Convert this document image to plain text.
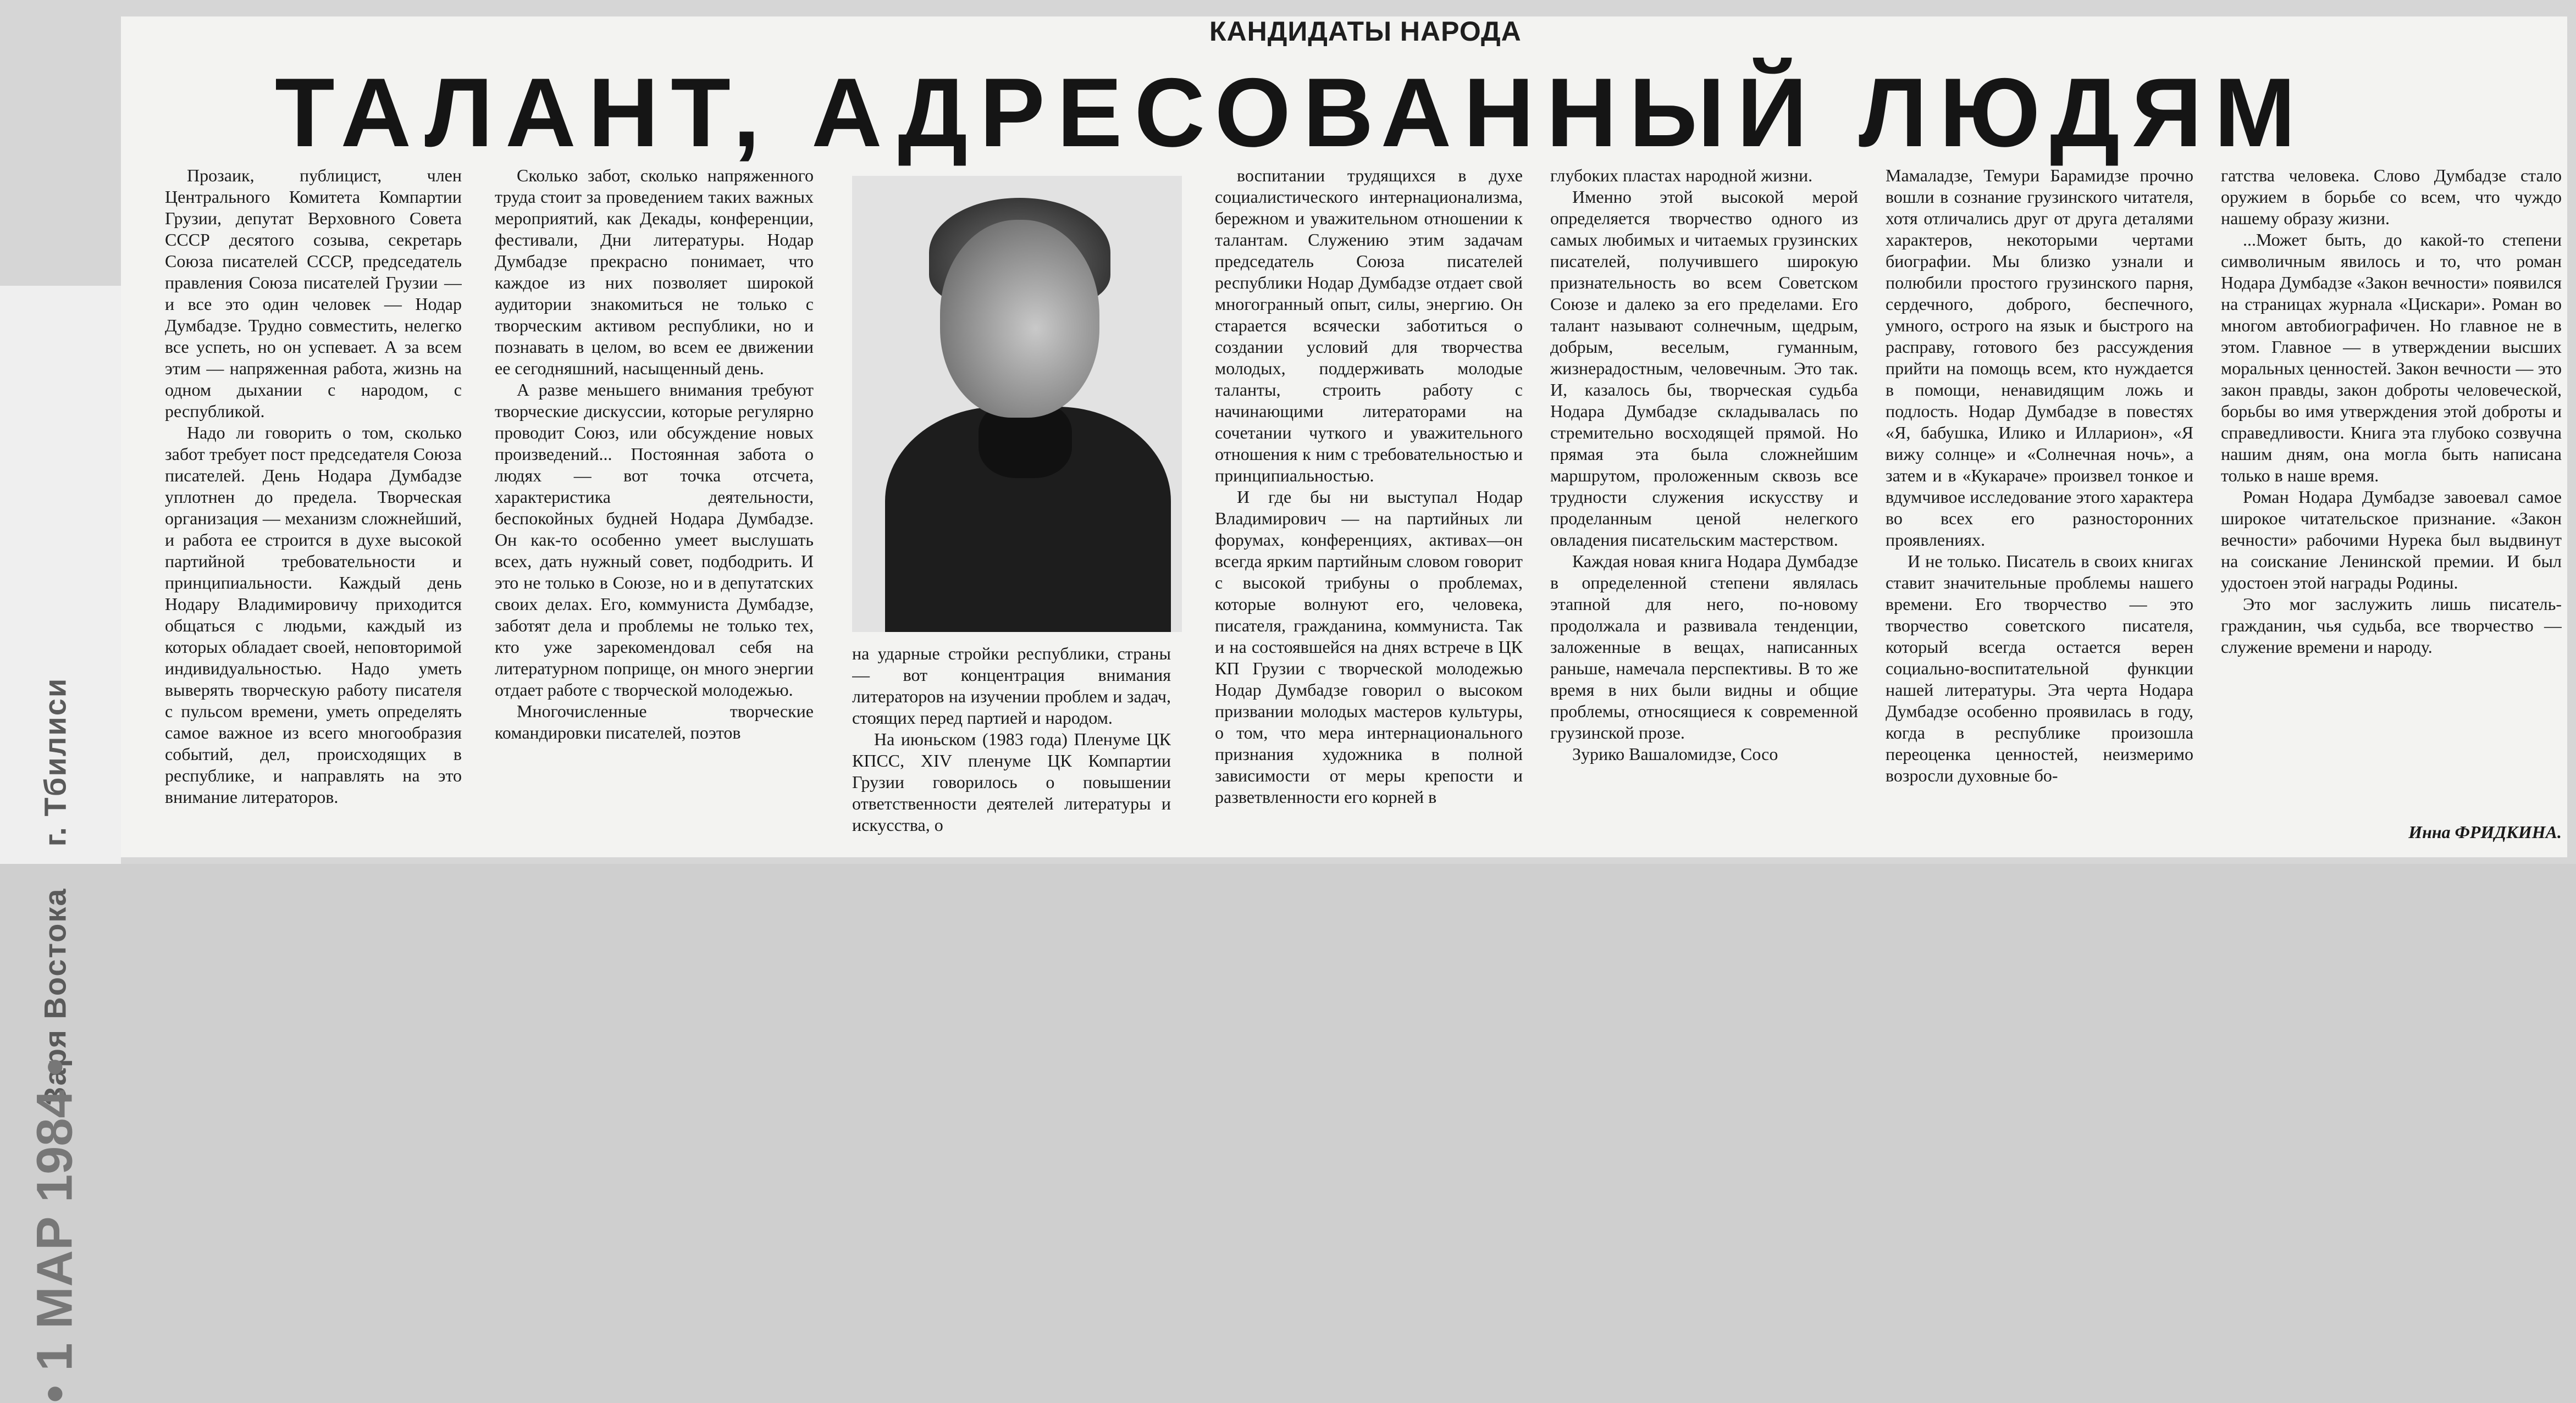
Заря Востока  г. Тбилиси
• 1 МАР 1984 •
КАНДИДАТЫ НАРОДА
ТАЛАНТ, АДРЕСОВАННЫЙ ЛЮДЯМ

Прозаик, публицист, член Центрального Комитета Компартии Грузии, депутат Верховного Совета СССР десятого созыва, секретарь Союза писателей СССР, председатель правления Союза писателей Грузии — и все это один человек — Нодар Думбадзе. Трудно совместить, нелегко все успеть, но он успевает. А за всем этим — напряженная работа, жизнь на одном дыхании с народом, с республикой.

Надо ли говорить о том, сколько забот требует пост председателя Союза писателей. День Нодара Думбадзе уплотнен до предела. Творческая организация — механизм сложнейший, и работа ее строится в духе высокой партийной требовательности и принципиальности. Каждый день Нодару Владимировичу приходится общаться с людьми, каждый из которых обладает своей, неповторимой индивидуальностью. Надо уметь выверять творческую работу писателя с пульсом времени, уметь определять самое важное из всего многообразия событий, дел, происходящих в республике, и направлять на это внимание литераторов.

Сколько забот, сколько напряженного труда стоит за проведением таких важных мероприятий, как Декады, конференции, фестивали, Дни литературы. Нодар Думбадзе прекрасно понимает, что каждое из них позволяет широкой аудитории знакомиться не только с творческим активом республики, но и познавать в целом, во всем ее движении ее сегодняшний, насыщенный день.

А разве меньшего внимания требуют творческие дискуссии, которые регулярно проводит Союз, или обсуждение новых произведений... Постоянная забота о людях — вот точка отсчета, характеристика деятельности, беспокойных будней Нодара Думбадзе. Он как-то особенно умеет выслушать всех, дать нужный совет, подбодрить. И это не только в Союзе, но и в депутатских своих делах. Его, коммуниста Думбадзе, заботят дела и проблемы не только тех, кто уже зарекомендовал себя на литературном поприще, он много энергии отдает работе с творческой молодежью.

Многочисленные творческие командировки писателей, поэтов

на ударные стройки республики, страны — вот концентрация внимания литераторов на изучении проблем и задач, стоящих перед партией и народом.

На июньском (1983 года) Пленуме ЦК КПСС, XIV пленуме ЦК Компартии Грузии говорилось о повышении ответственности деятелей литературы и искусства, о

воспитании трудящихся в духе социалистического интернационализма, бережном и уважительном отношении к талантам. Служению этим задачам председатель Союза писателей республики Нодар Думбадзе отдает свой многогранный опыт, силы, энергию. Он старается всячески заботиться о создании условий для творчества молодых, поддерживать молодые таланты, строить работу с начинающими литераторами на сочетании чуткого и уважительного отношения к ним с требовательностью и принципиальностью.

И где бы ни выступал Нодар Владимирович — на партийных ли форумах, конференциях, активах—он всегда ярким партийным словом говорит с высокой трибуны о проблемах, которые волнуют его, человека, писателя, гражданина, коммуниста. Так и на состоявшейся на днях встрече в ЦК КП Грузии с творческой молодежью Нодар Думбадзе говорил о высоком призвании молодых мастеров культуры, о том, что мера интернационального признания художника в полной зависимости от меры крепости и разветвленности его корней в

глубоких пластах народной жизни.

Именно этой высокой мерой определяется творчество одного из самых любимых и читаемых грузинских писателей, получившего широкую признательность во всем Советском Союзе и далеко за его пределами. Его талант называют солнечным, щедрым, добрым, веселым, гуманным, жизнерадостным, человечным. Это так. И, казалось бы, творческая судьба Нодара Думбадзе складывалась по стремительно восходящей прямой. Но прямая эта была сложнейшим маршрутом, проложенным сквозь все трудности служения искусству и проделанным ценой нелегкого овладения писательским мастерством.

Каждая новая книга Нодара Думбадзе в определенной степени являлась этапной для него, по-новому продолжала и развивала тенденции, заложенные в вещах, написанных раньше, намечала перспективы. В то же время в них были видны и общие проблемы, относящиеся к современной грузинской прозе.

Зурико Вашаломидзе, Сосо

Мамаладзе, Темури Барамидзе прочно вошли в сознание грузинского читателя, хотя отличались друг от друга деталями характеров, некоторыми чертами биографии. Мы близко узнали и полюбили простого грузинского парня, сердечного, доброго, беспечного, умного, острого на язык и быстрого на расправу, готового без рассуждения прийти на помощь всем, кто нуждается в помощи, ненавидящим ложь и подлость. Нодар Думбадзе в повестях «Я, бабушка, Илико и Илларион», «Я вижу солнце» и «Солнечная ночь», а затем и в «Кукараче» произвел тонкое и вдумчивое исследование этого характера во всех его разносторонних проявлениях.

И не только. Писатель в своих книгах ставит значительные проблемы нашего времени. Его творчество — это творчество советского писателя, который всегда остается верен социально-воспитательной функции нашей литературы. Эта черта Нодара Думбадзе особенно проявилась в году, когда в республике произошла переоценка ценностей, неизмеримо возросли духовные бо-

гатства человека. Слово Думбадзе стало оружием в борьбе со всем, что чуждо нашему образу жизни.

...Может быть, до какой-то степени символичным явилось и то, что роман Нодара Думбадзе «Закон вечности» появился на страницах журнала «Цискари». Роман во многом автобиографичен. Но главное не в этом. Главное — в утверждении высших моральных ценностей. Закон вечности — это закон правды, закон доброты человеческой, борьбы во имя утверждения этой доброты и справедливости. Книга эта глубоко созвучна нашим дням, она могла быть написана только в наше время.

Роман Нодара Думбадзе завоевал самое широкое читательское признание. «Закон вечности» рабочими Нурека был выдвинут на соискание Ленинской премии. И был удостоен этой награды Родины.

Это мог заслужить лишь писатель-гражданин, чья судьба, все творчество — служение времени и народу.

Инна ФРИДКИНА.
